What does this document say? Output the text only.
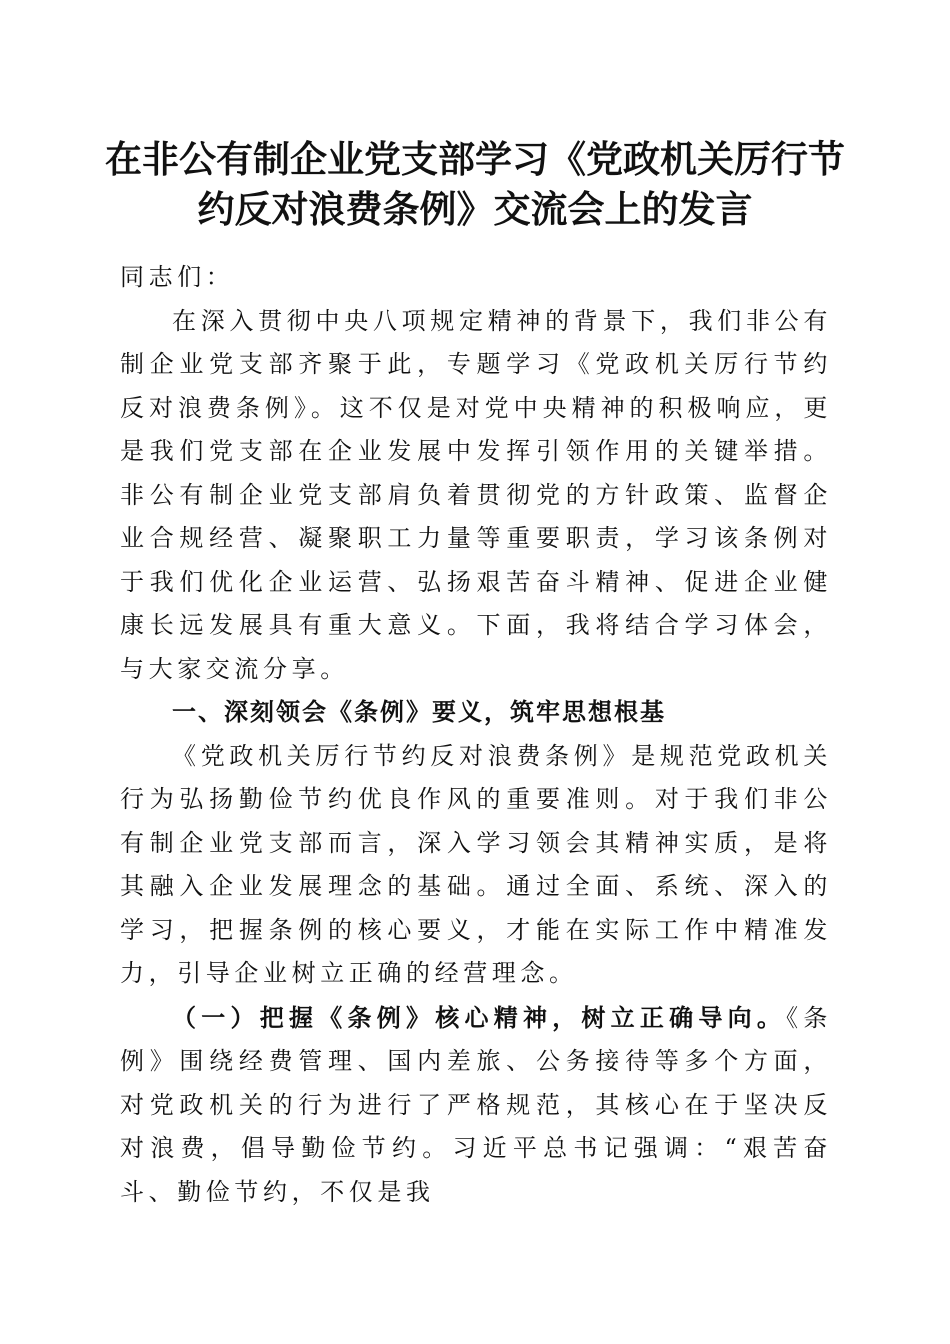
在非公有制企业党支部学习《党政机关厉行节
约反对浪费条例》交流会上的发言

同志们：

在深入贯彻中央八项规定精神的背景下，我们非公有制企业党支部齐聚于此，专题学习《党政机关厉行节约反对浪费条例》。这不仅是对党中央精神的积极响应，更是我们党支部在企业发展中发挥引领作用的关键举措。非公有制企业党支部肩负着贯彻党的方针政策、监督企业合规经营、凝聚职工力量等重要职责，学习该条例对于我们优化企业运营、弘扬艰苦奋斗精神、促进企业健康长远发展具有重大意义。下面，我将结合学习体会，与大家交流分享。

一、深刻领会《条例》要义，筑牢思想根基

《党政机关厉行节约反对浪费条例》是规范党政机关行为弘扬勤俭节约优良作风的重要准则。对于我们非公有制企业党支部而言，深入学习领会其精神实质，是将其融入企业发展理念的基础。通过全面、系统、深入的学习，把握条例的核心要义，才能在实际工作中精准发力，引导企业树立正确的经营理念。

（一）把握《条例》核心精神，树立正确导向。《条例》围绕经费管理、国内差旅、公务接待等多个方面，对党政机关的行为进行了严格规范，其核心在于坚决反对浪费，倡导勤俭节约。习近平总书记强调：“艰苦奋斗、勤俭节约，不仅是我
